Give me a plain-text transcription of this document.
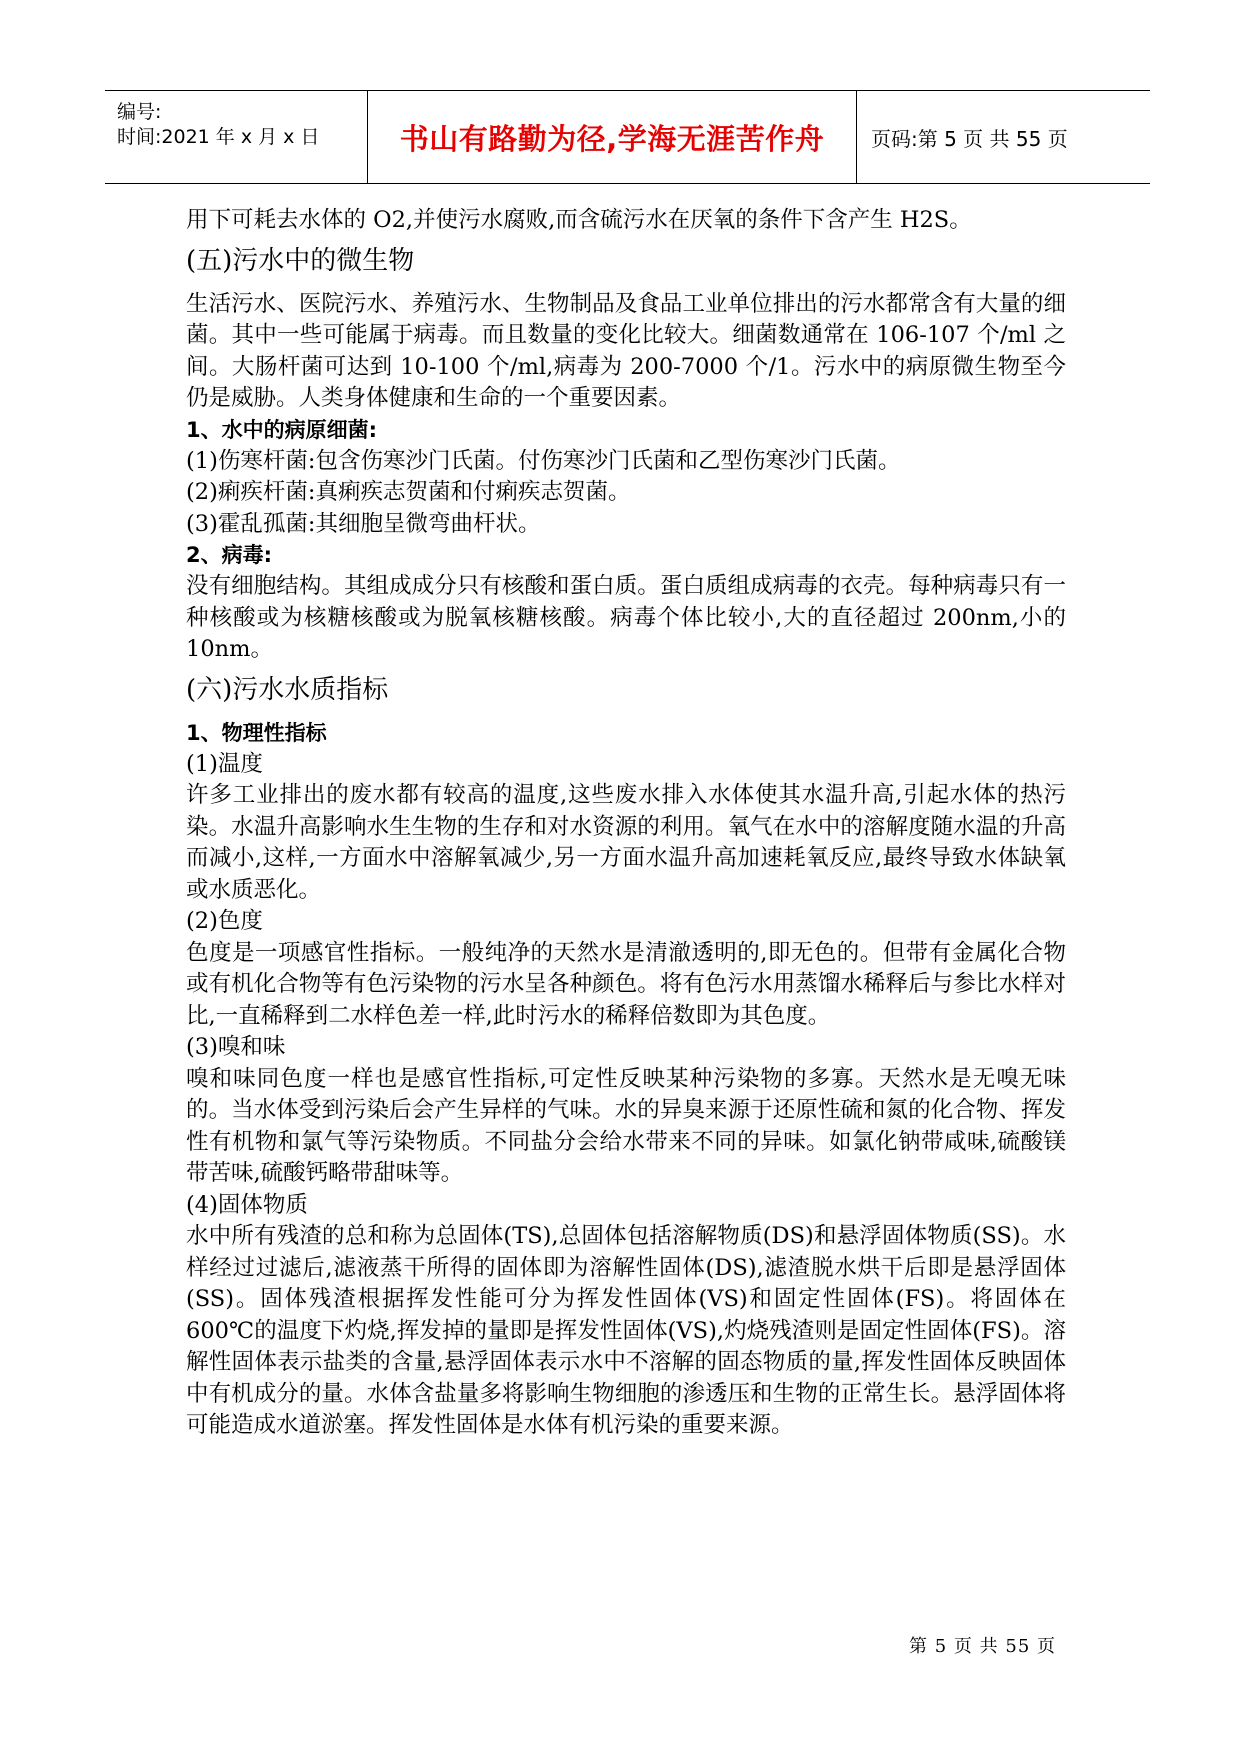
编号:
时间:2021 年 x 月 x 日	书山有路勤为径,学海无涯苦作舟 页码:第 5 页 共 55 页

用下可耗去水体的 O2,并使污水腐败,而含硫污水在厌氧的条件下含产生 H2S。

(五)污水中的微生物

生活污水、医院污水、养殖污水、生物制品及食品工业单位排出的污水都常含有大量的细菌。其中一些可能属于病毒。而且数量的变化比较大。细菌数通常在 106-107 个/ml 之间。大肠杆菌可达到 10-100 个/ml,病毒为 200-7000 个/1。污水中的病原微生物至今仍是威胁。人类身体健康和生命的一个重要因素。

1、水中的病原细菌:

(1)伤寒杆菌:包含伤寒沙门氏菌。付伤寒沙门氏菌和乙型伤寒沙门氏菌。

(2)痢疾杆菌:真痢疾志贺菌和付痢疾志贺菌。

(3)霍乱孤菌:其细胞呈微弯曲杆状。

2、病毒:

没有细胞结构。其组成成分只有核酸和蛋白质。蛋白质组成病毒的衣壳。每种病毒只有一种核酸或为核糖核酸或为脱氧核糖核酸。病毒个体比较小,大的直径超过 200nm,小的 10nm。

(六)污水水质指标
1、物理性指标

(1)温度

许多工业排出的废水都有较高的温度,这些废水排入水体使其水温升高,引起水体的热污染。水温升高影响水生生物的生存和对水资源的利用。氧气在水中的溶解度随水温的升高而减小,这样,一方面水中溶解氧减少,另一方面水温升高加速耗氧反应,最终导致水体缺氧或水质恶化。

(2)色度

色度是一项感官性指标。一般纯净的天然水是清澈透明的,即无色的。但带有金属化合物或有机化合物等有色污染物的污水呈各种颜色。将有色污水用蒸馏水稀释后与参比水样对比,一直稀释到二水样色差一样,此时污水的稀释倍数即为其色度。

(3)嗅和味

嗅和味同色度一样也是感官性指标,可定性反映某种污染物的多寡。天然水是无嗅无味的。当水体受到污染后会产生异样的气味。水的异臭来源于还原性硫和氮的化合物、挥发性有机物和氯气等污染物质。不同盐分会给水带来不同的异味。如氯化钠带咸味,硫酸镁带苦味,硫酸钙略带甜味等。

(4)固体物质

水中所有残渣的总和称为总固体(TS),总固体包括溶解物质(DS)和悬浮固体物质(SS)。水样经过过滤后,滤液蒸干所得的固体即为溶解性固体(DS),滤渣脱水烘干后即是悬浮固体(SS)。固体残渣根据挥发性能可分为挥发性固体(VS)和固定性固体(FS)。将固体在 600℃的温度下灼烧,挥发掉的量即是挥发性固体(VS),灼烧残渣则是固定性固体(FS)。溶解性固体表示盐类的含量,悬浮固体表示水中不溶解的固态物质的量,挥发性固体反映固体中有机成分的量。水体含盐量多将影响生物细胞的渗透压和生物的正常生长。悬浮固体将可能造成水道淤塞。挥发性固体是水体有机污染的重要来源。

第 5 页 共 55 页
